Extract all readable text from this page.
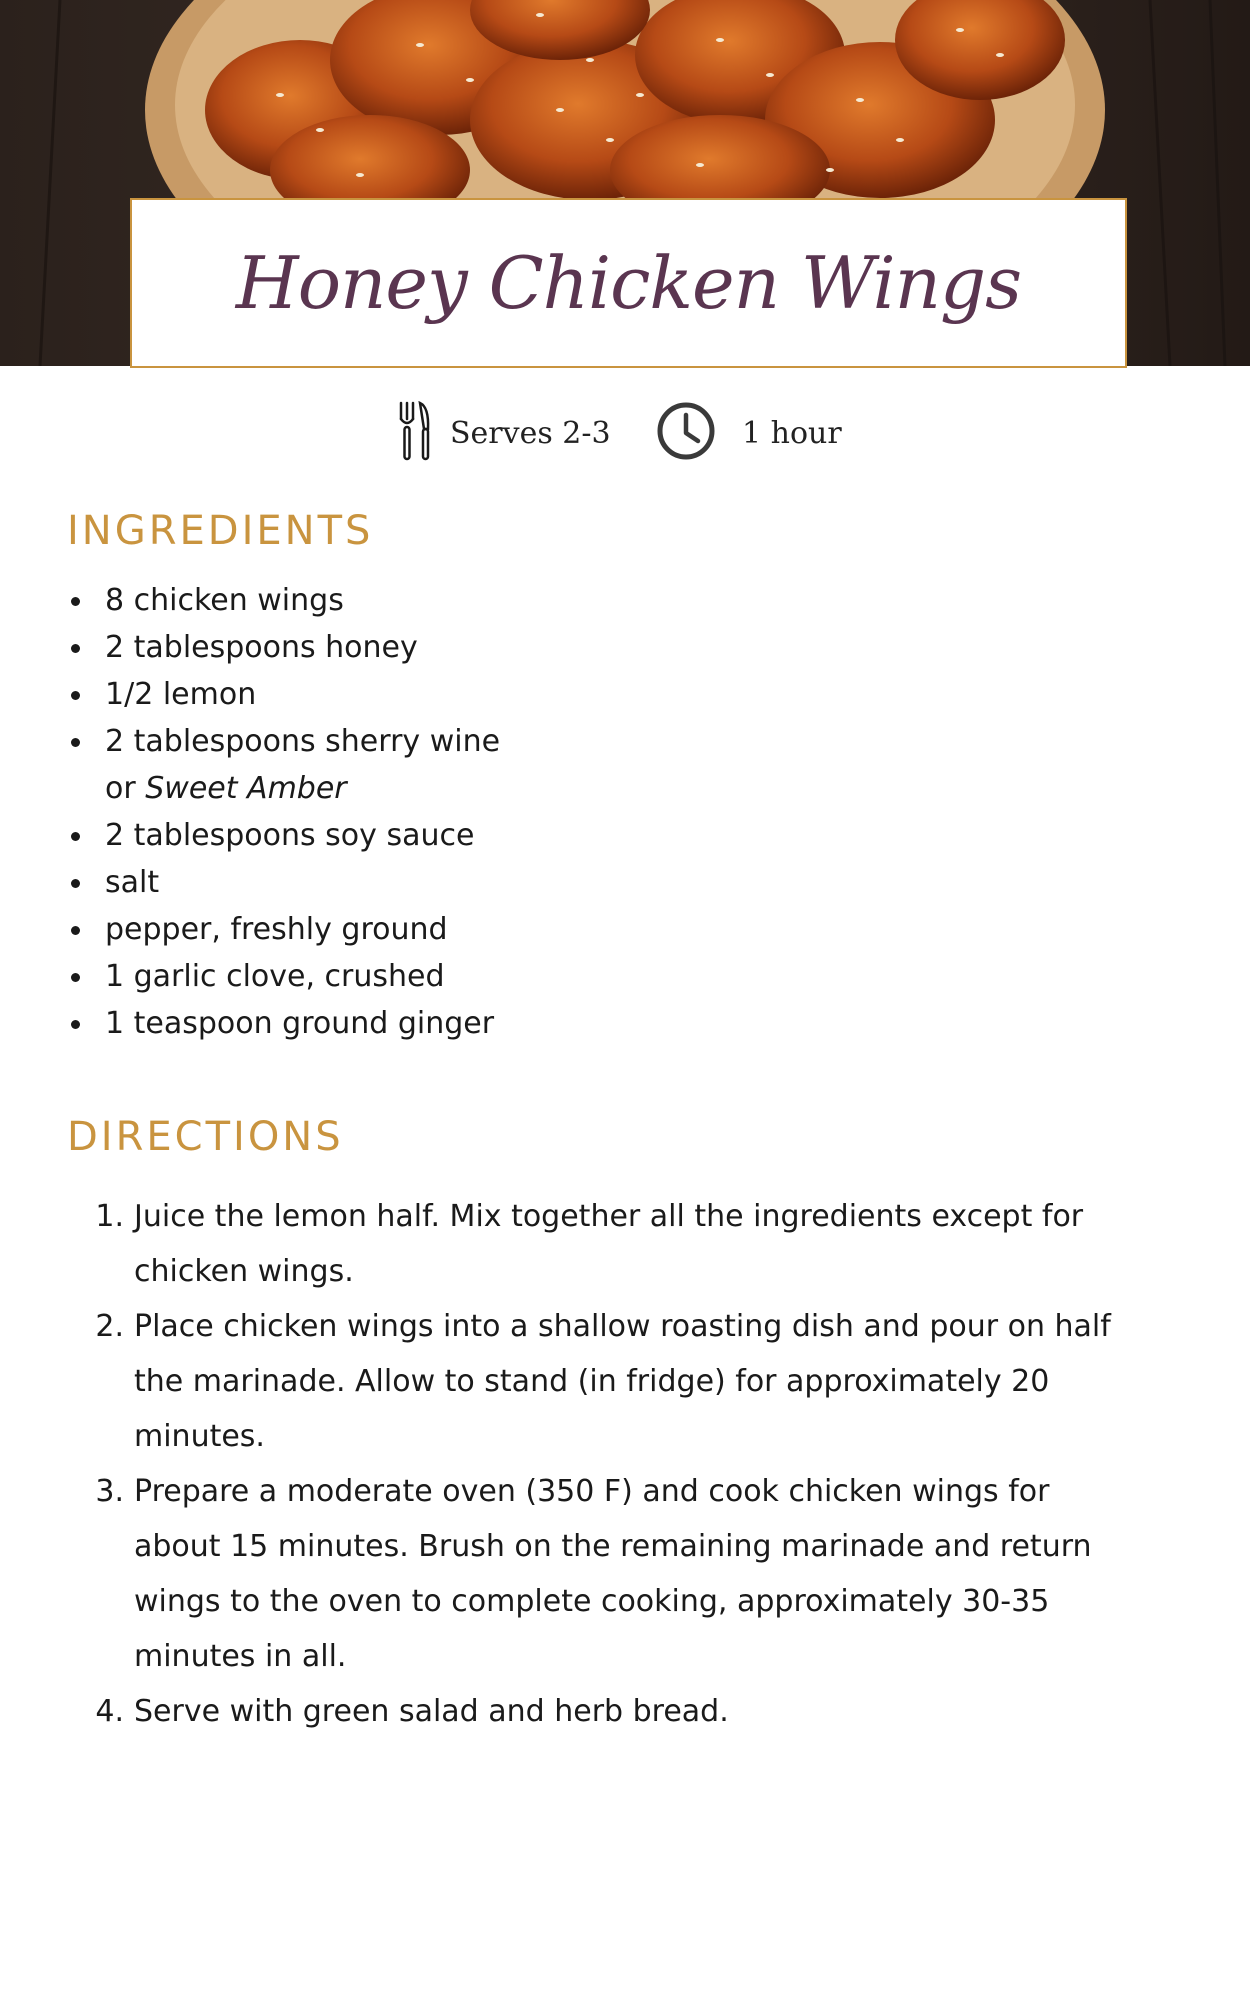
Honey Chicken Wings
Serves 2-3	1 hour
INGREDIENTS
8 chicken wings
2 tablespoons honey
1/2 lemon
2 tablespoons sherry wine
or Sweet Amber
2 tablespoons soy sauce
salt
pepper, freshly ground
1 garlic clove, crushed
1 teaspoon ground ginger
DIRECTIONS
1. Juice the lemon half. Mix together all the ingredients except for chicken wings.
2. Place chicken wings into a shallow roasting dish and pour on half the marinade. Allow to stand (in fridge) for approximately 20 minutes.
3. Prepare a moderate oven (350 F) and cook chicken wings for about 15 minutes. Brush on the remaining marinade and return wings to the oven to complete cooking, approximately 30-35 minutes in all.
4. Serve with green salad and herb bread.
